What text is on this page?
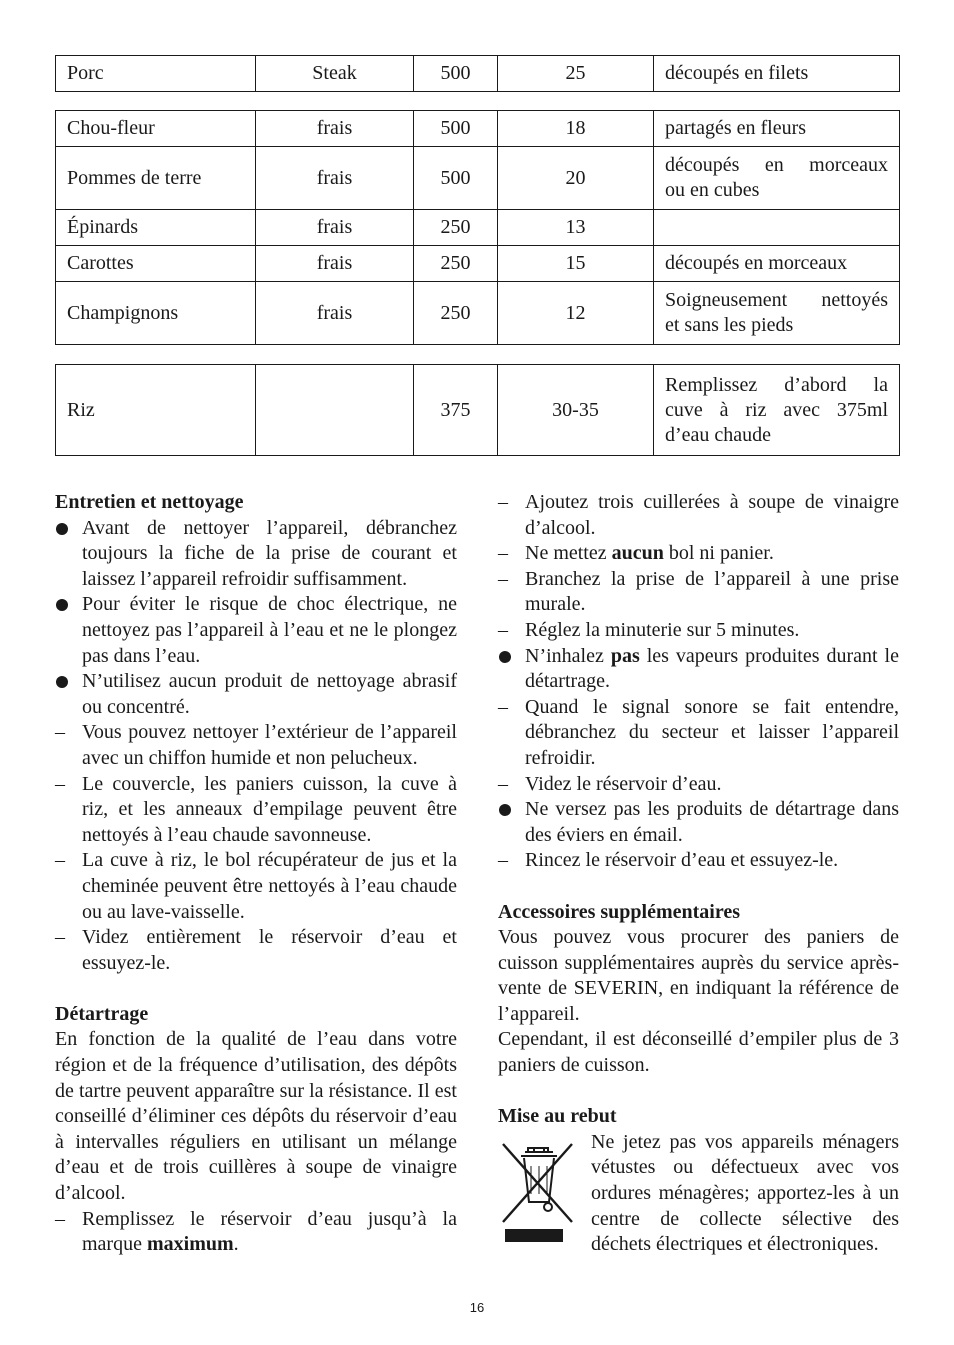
Porc	Steak	500	25	découpés en filets
Chou-fleur	frais	500	18	partagés en fleurs
Pommes de terre	frais	500	20	découpés en morceaux
ou en cubes

Épinards	frais	250	13	
Carottes	frais	250	15	découpés en morceaux
Champignons	frais	250	12	Soigneusement nettoyés
et sans les pieds
Riz		375	30-35	
Remplissez d’abord la
cuve à riz avec 375ml
d’eau chaude
Entretien et nettoyage
Avant de nettoyer l’appareil, débranchez toujours la fiche de la prise de courant et laissez l’appareil refroidir suffisamment.
Pour éviter le risque de choc électrique, ne nettoyez pas l’appareil à l’eau et ne le plongez pas dans l’eau.
N’utilisez aucun produit de nettoyage abrasif ou concentré.
– Vous pouvez nettoyer l’extérieur de l’appareil avec un chiffon humide et non pelucheux.
– Le couvercle, les paniers cuisson, la cuve à riz, et les anneaux d’empilage peuvent être nettoyés à l’eau chaude savonneuse.
– La cuve à riz, le bol récupérateur de jus et la cheminée peuvent être nettoyés à l’eau chaude ou au lave-vaisselle.
– Videz entièrement le réservoir d’eau et essuyez-le.
Détartrage
En fonction de la qualité de l’eau dans votre région et de la fréquence d’utilisation, des dépôts de tartre peuvent apparaître sur la résistance. Il est conseillé d’éliminer ces dépôts du réservoir d’eau à intervalles réguliers en utilisant un mélange d’eau et de trois cuillères à soupe de vinaigre d’alcool.
– Remplissez le réservoir d’eau jusqu’à la marque maximum.
– Ajoutez trois cuillerées à soupe de vinaigre d’alcool.
– Ne mettez aucun bol ni panier.
– Branchez la prise de l’appareil à une prise murale.
– Réglez la minuterie sur 5 minutes.
N’inhalez pas les vapeurs produites durant le détartrage.
– Quand le signal sonore se fait entendre, débranchez du secteur et laisser l’appareil refroidir.
– Videz le réservoir d’eau.
Ne versez pas les produits de détartrage dans des éviers en émail.
– Rincez le réservoir d’eau et essuyez-le.
Accessoires supplémentaires
Vous pouvez vous procurer des paniers de cuisson supplémentaires auprès du service après-vente de SEVERIN, en indiquant la référence de l’appareil.
Cependant, il est déconseillé d’empiler plus de 3 paniers de cuisson.
Mise au rebut
Ne jetez pas vos appareils ménagers vétustes ou défectueux avec vos ordures ménagères; apportez-les à un centre de collecte sélective des déchets électriques et électroniques.
16
